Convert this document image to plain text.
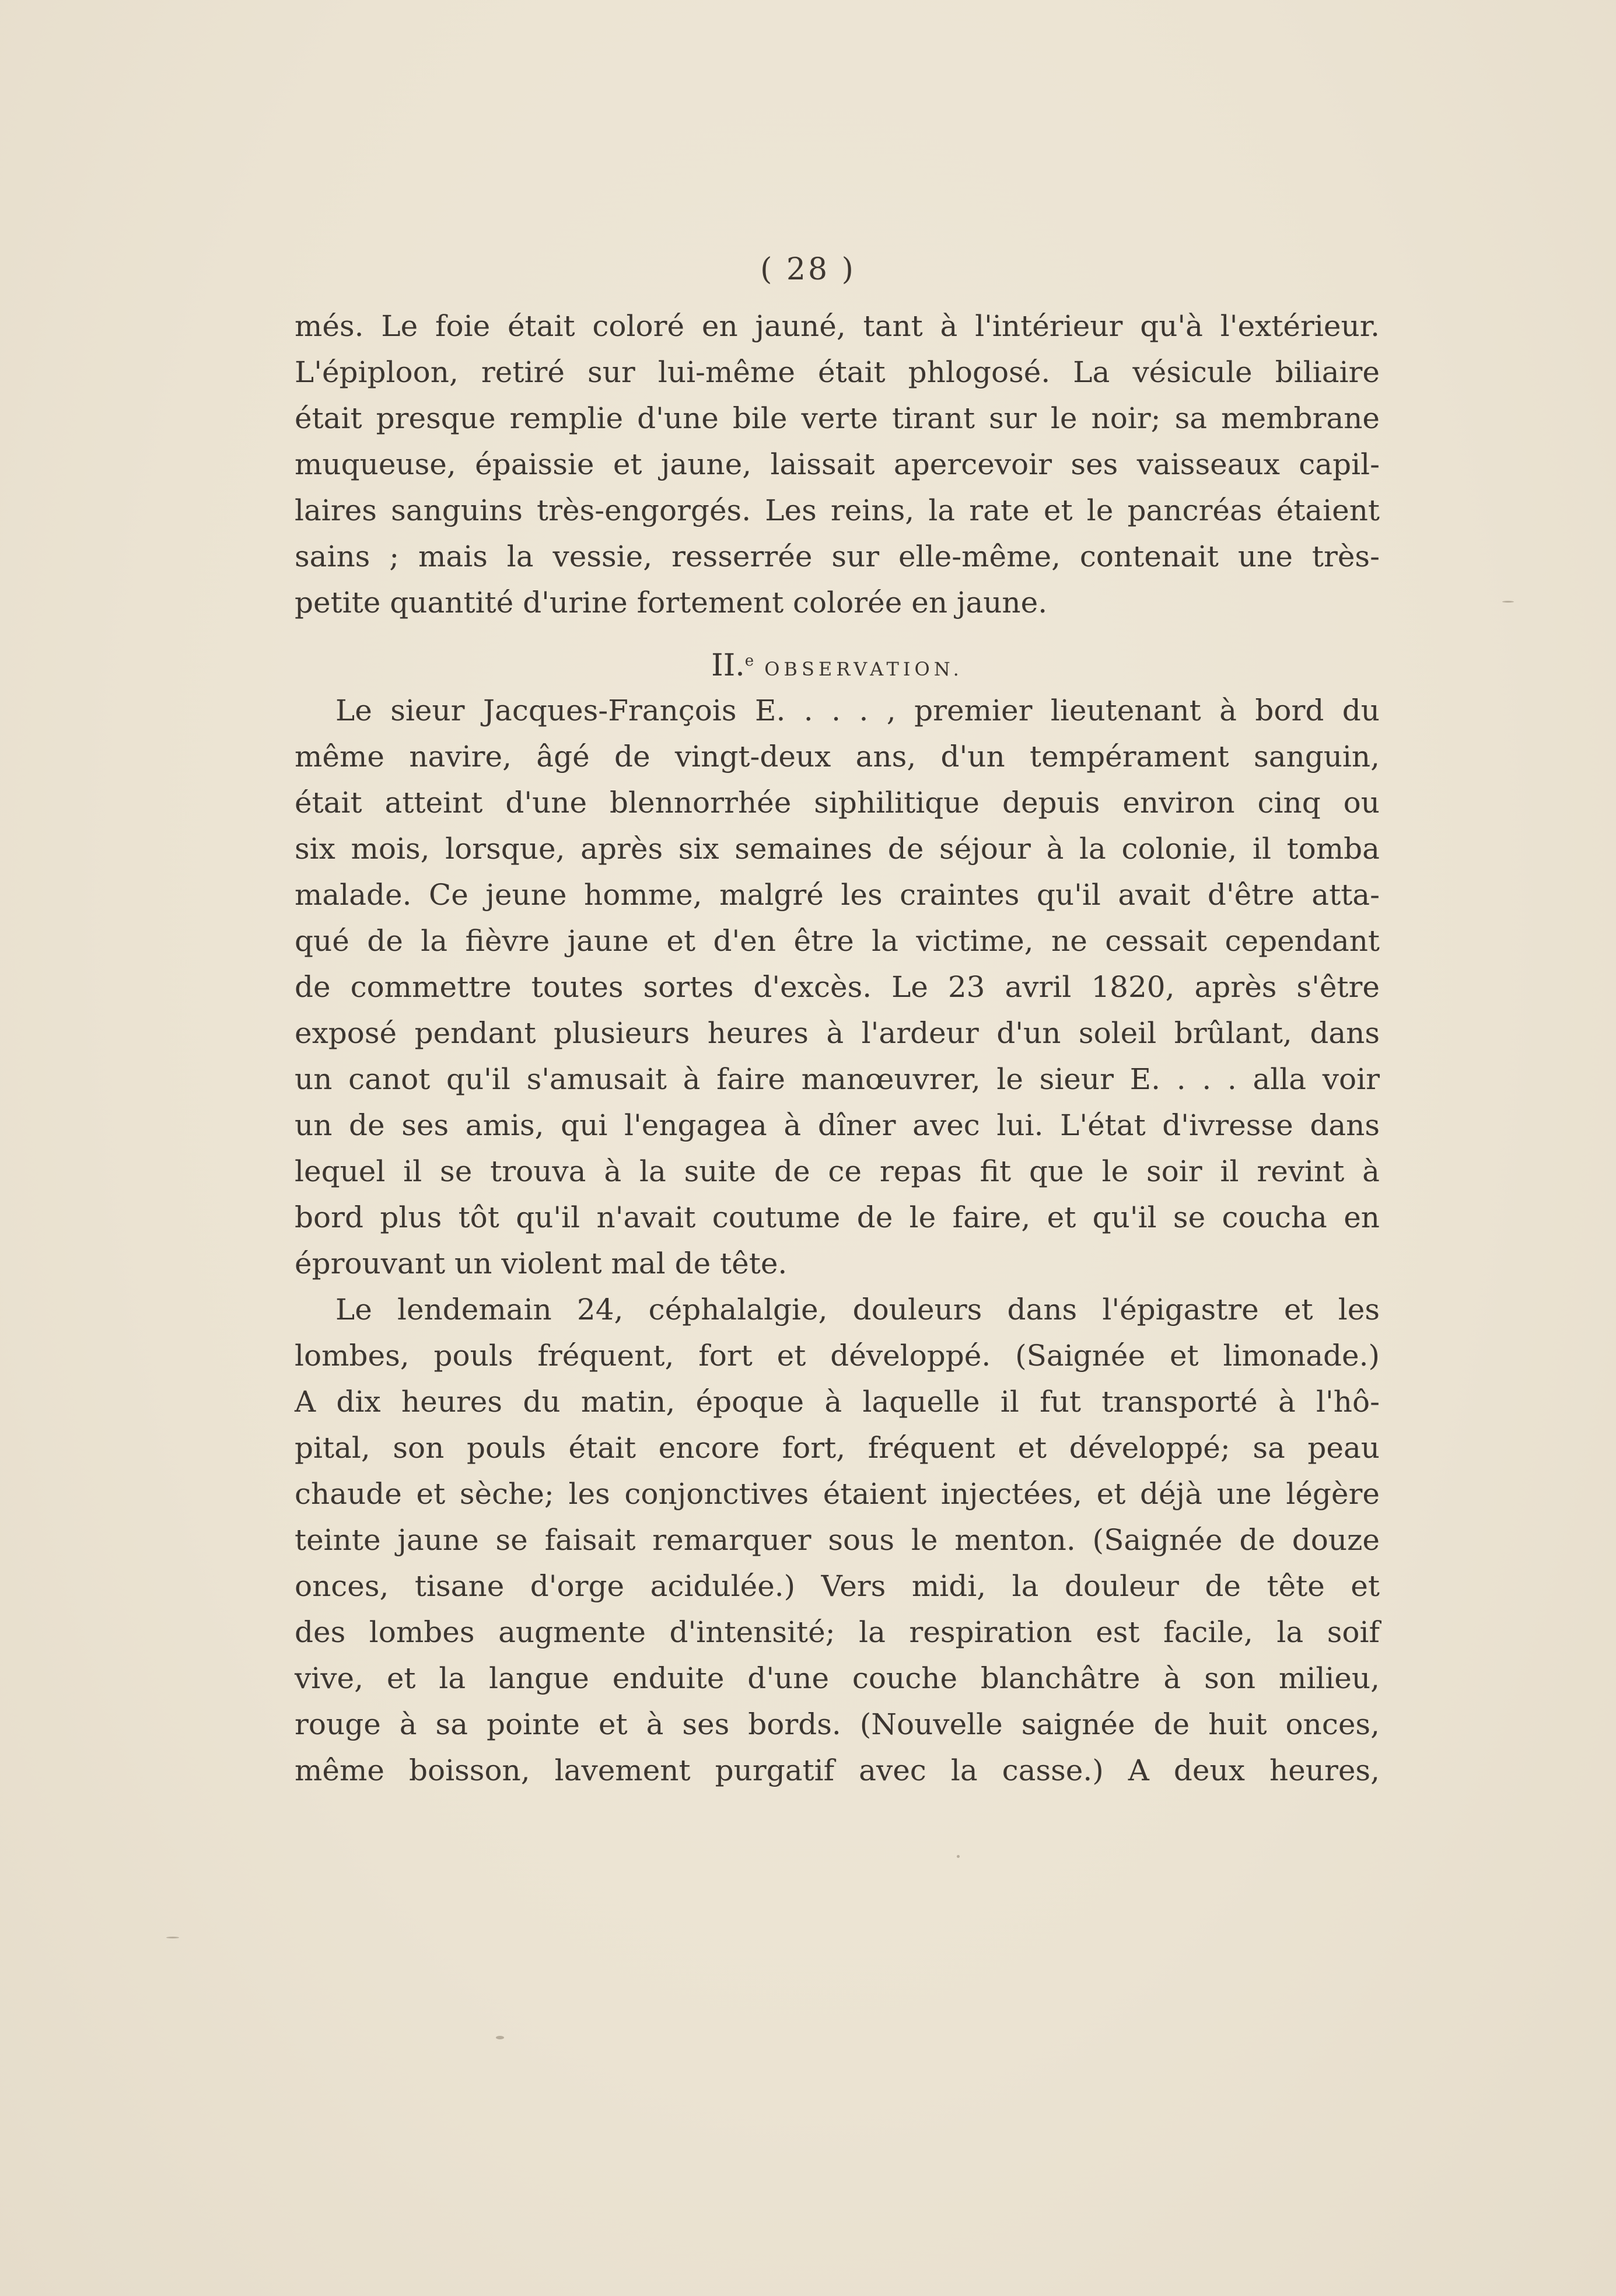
( 28 )
més. Le foie était coloré en jauné, tant à l'intérieur qu'à l'extérieur.
L'épiploon, retiré sur lui-même était phlogosé. La vésicule biliaire
était presque remplie d'une bile verte tirant sur le noir; sa membrane
muqueuse, épaissie et jaune, laissait apercevoir ses vaisseaux capil-
laires sanguins très-engorgés. Les reins, la rate et le pancréas étaient
sains ; mais la vessie, resserrée sur elle-même, contenait une très-
petite quantité d'urine fortement colorée en jaune.
II.$^e$ OBSERVATION.
Le sieur Jacques-François E. . . . , premier lieutenant à bord du
même navire, âgé de vingt-deux ans, d'un tempérament sanguin,
était atteint d'une blennorrhée siphilitique depuis environ cinq ou
six mois, lorsque, après six semaines de séjour à la colonie, il tomba
malade. Ce jeune homme, malgré les craintes qu'il avait d'être atta-
qué de la fièvre jaune et d'en être la victime, ne cessait cependant
de commettre toutes sortes d'excès. Le 23 avril 1820, après s'être
exposé pendant plusieurs heures à l'ardeur d'un soleil brûlant, dans
un canot qu'il s'amusait à faire manœuvrer, le sieur E. . . . alla voir
un de ses amis, qui l'engagea à dîner avec lui. L'état d'ivresse dans
lequel il se trouva à la suite de ce repas fit que le soir il revint à
bord plus tôt qu'il n'avait coutume de le faire, et qu'il se coucha en
éprouvant un violent mal de tête.
Le lendemain 24, céphalalgie, douleurs dans l'épigastre et les
lombes, pouls fréquent, fort et développé. (Saignée et limonade.)
A dix heures du matin, époque à laquelle il fut transporté à l'hô-
pital, son pouls était encore fort, fréquent et développé; sa peau
chaude et sèche; les conjonctives étaient injectées, et déjà une légère
teinte jaune se faisait remarquer sous le menton. (Saignée de douze
onces, tisane d'orge acidulée.) Vers midi, la douleur de tête et
des lombes augmente d'intensité; la respiration est facile, la soif
vive, et la langue enduite d'une couche blanchâtre à son milieu,
rouge à sa pointe et à ses bords. (Nouvelle saignée de huit onces,
même boisson, lavement purgatif avec la casse.) A deux heures,
